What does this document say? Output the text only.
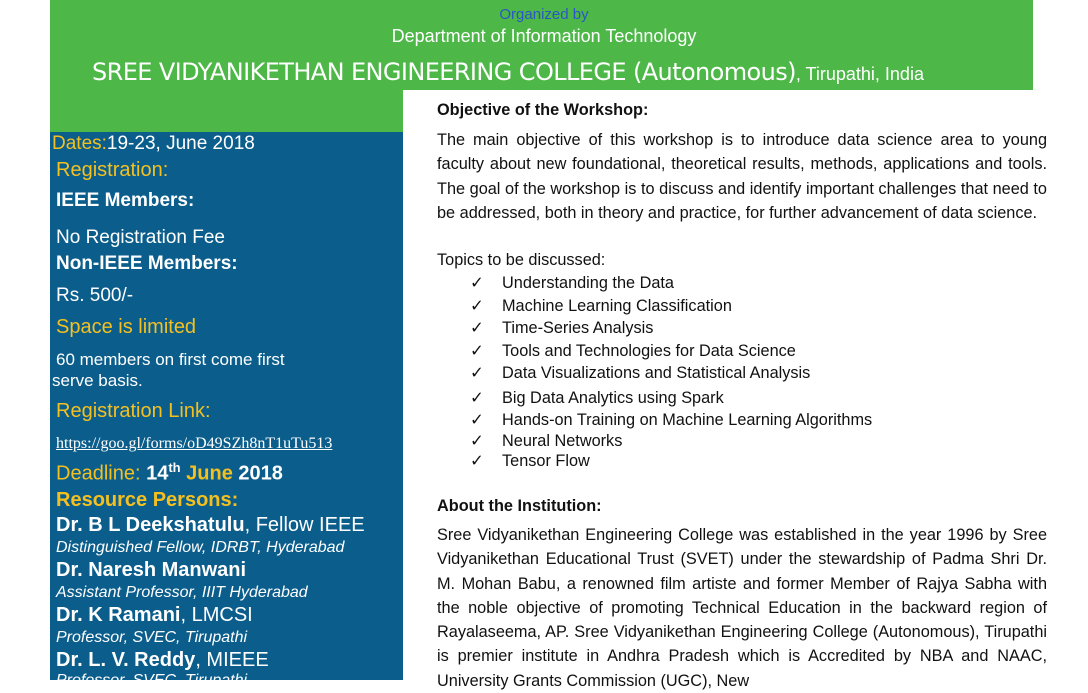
Organized by
Department of Information Technology
SREE VIDYANIKETHAN ENGINEERING COLLEGE (Autonomous), Tirupathi, India
Dates:19-23, June 2018
Registration:
IEEE Members:
No Registration Fee
Non-IEEE Members:
Rs. 500/-
Space is limited
60 members on first come first
serve basis.
Registration Link:
https://goo.gl/forms/oD49SZh8nT1uTu513
Deadline: 14th June 2018
Resource Persons:
Dr. B L Deekshatulu, Fellow IEEE
Distinguished Fellow, IDRBT, Hyderabad
Dr. Naresh Manwani
Assistant Professor, IIIT Hyderabad
Dr. K Ramani, LMCSI
Professor, SVEC, Tirupathi
Dr. L. V. Reddy, MIEEE
Professor, SVEC, Tirupathi
Objective of the Workshop:

The main objective of this workshop is to introduce data science area to young faculty about new foundational, theoretical results, methods, applications and tools. The goal of the workshop is to discuss and identify important challenges that need to be addressed, both in theory and practice, for further advancement of data science.

Topics to be discussed:
✓ Understanding the Data
✓ Machine Learning Classification
✓ Time-Series Analysis
✓ Tools and Technologies for Data Science
✓ Data Visualizations and Statistical Analysis
✓ Big Data Analytics using Spark
✓ Hands-on Training on Machine Learning Algorithms
✓ Neural Networks
✓ Tensor Flow
About the Institution:

Sree Vidyanikethan Engineering College was established in the year 1996 by Sree Vidyanikethan Educational Trust (SVET) under the stewardship of Padma Shri Dr. M. Mohan Babu, a renowned film artiste and former Member of Rajya Sabha with the noble objective of promoting Technical Education in the backward region of Rayalaseema, AP. Sree Vidyanikethan Engineering College (Autonomous), Tirupathi is premier institute in Andhra Pradesh which is Accredited by NBA and NAAC, University Grants Commission (UGC), New
